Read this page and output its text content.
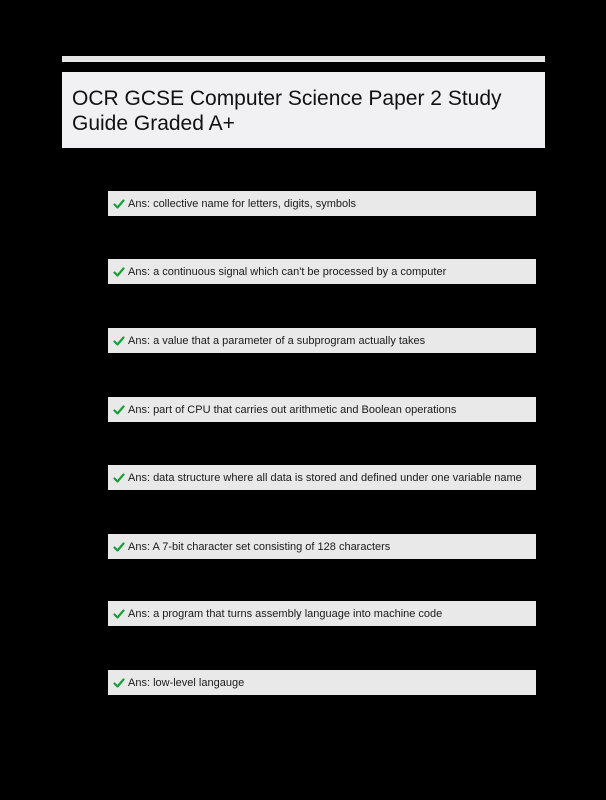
OCR GCSE Computer Science Paper 2 Study Guide Graded A+
Ans: collective name for letters, digits, symbols
Ans: a continuous signal which can't be processed by a computer
Ans: a value that a parameter of a subprogram actually takes
Ans: part of CPU that carries out arithmetic and Boolean operations
Ans: data structure where all data is stored and defined under one variable name
Ans: A 7-bit character set consisting of 128 characters
Ans: a program that turns assembly language into machine code
Ans: low-level langauge
